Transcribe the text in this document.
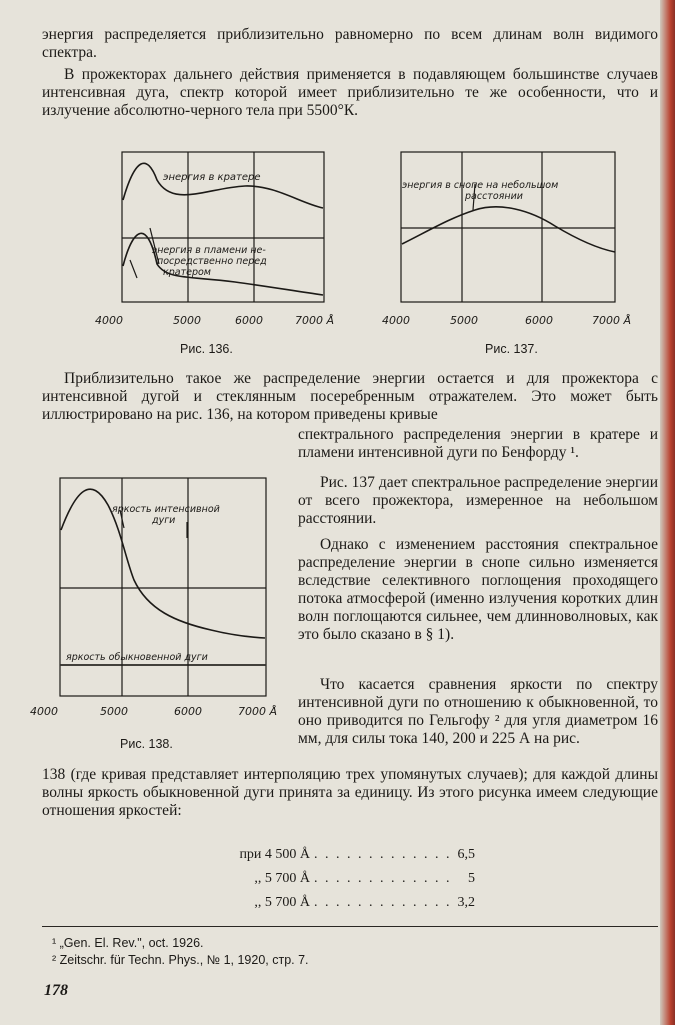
энергия распределяется приблизительно равномерно по всем длинам волн видимого спектра.
В прожекторах дальнего действия применяется в подавляющем большинстве случаев интенсивная дуга, спектр которой имеет приблизительно те же особенности, что и излучение абсолютно-черного тела при 5500°К.
энергия в кратере
энергия в пламени не-
посредственно перед
кратером
4000	5000	6000	7000 Å
Рис. 136.
энергия в снопе на небольшом
расстоянии
4000	5000	6000	7000 Å
Рис. 137.
Приблизительно такое же распределение энергии остается и для прожектора с интенсивной дугой и стеклянным посеребренным отражателем. Это может быть иллюстрировано на рис. 136, на котором приведены кривые
спектрального распределения энергии в кратере и пламени интенсивной дуги по Бенфорду ¹.
яркость интенсивной
дуги
яркость обыкновенной дуги
4000	5000	6000	7000 Å
Рис. 138.
Рис. 137 дает спектральное распределение энергии от всего прожектора, измеренное на небольшом расстоянии.
Однако с изменением расстояния спектральное распределение энергии в снопе сильно изменяется вследствие селективного поглощения проходящего потока атмосферой (именно излучения коротких длин волн поглощаются сильнее, чем длинноволновых, как это было сказано в § 1).
Что касается сравнения яркости по спектру интенсивной дуги по отношению к обыкновенной, то оно приводится по Гельгофу ² для угля диаметром 16 мм, для силы тока 140, 200 и 225 А на рис.
138 (где кривая представляет интерполяцию трех упомянутых случаев); для каждой длины волны яркость обыкновенной дуги принята за единицу. Из этого рисунка имеем следующие отношения яркостей:
при 4 500 Å . . . . . . . . . . . . . 6,5
,, 5 700 Å . . . . . . . . . . . . .	5
,, 5 700 Å . . . . . . . . . . . . . 3,2
¹ „Gen. El. Rev.", oct. 1926.
² Zeitschr. für Techn. Phys., № 1, 1920, стр. 7.
178
